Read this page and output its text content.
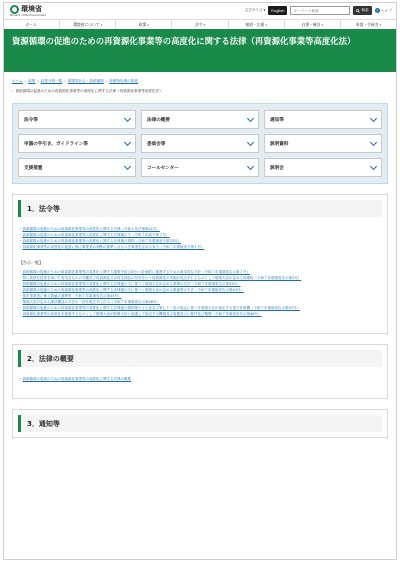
環境省
Ministry of the Environment
文字サイズ ▾	English
キーワード検索	検索	? ヘルプ
ホーム	環境省について ▾	政策 ▾	法令 ▾	報道・広報 ▾	白書・統計 ▾	申請・手続き ▾
資源循環の促進のための再資源化事業等の高度化に関する法律（再資源化事業等高度化法）
ホーム › 政策 › 政策分野一覧 › 循環型社会・資源循環 › 廃棄物処理の推進
› 資源循環の促進のための再資源化事業等の高度化に関する法律（再資源化事業等高度化法）
法令等	法律の概要	通知等
申請の手引き、ガイドライン等	委員会等	説明資料
支援措置	コールセンター	説明会
1．法令等
・ 資源循環の促進のための再資源化事業等の高度化に関する法律（令和６年法律第41号）
・ 資源循環の促進のための再資源化事業等の高度化に関する法律施行令（令和７年政令第２号）
・ 資源循環の促進のための再資源化事業等の高度化に関する法律施行規則（令和７年環境省令第33号）
・ 再資源化事業等の高度化の促進に係る事業者の判断の基準となるべき事項を定める省令（令和７年環境省令第１号）
【告示一覧】
・ 資源循環の促進のための再資源化事業等の高度化に関する施策を総合的かつ計画的に推進するための基本的な方針（令和７年環境省告示第２号）
・ 特に高度な技術を用いた有用なものの分離及び再資源化又は再生部品の回収を行う再資源化の実施が見込まれるものとして環境大臣が定める廃棄物（令和７年環境省告示第3号）
・ 資源循環の促進のための再資源化事業等の高度化に関する法律施行令に基づく環境大臣が定める基準の方法（令和７年環境省告示第43号）
・ 資源循環の促進のための再資源化事業等の高度化に関する法律施行令に基づく環境大臣の定める数値等の方法（令和７年環境省告示第44号）
・ 排出事業者に係る数値の基準等（令和７年環境省告示第45号）
・ 環境大臣が定める線状構造の方法の一部を改正する告示（令和７年環境省告示第46号）
・ 資源循環の促進のための再資源化事業等の高度化に関する法律施行規則第六十七条及び第七十一条の規定に基づき環境大臣が指定する電子計算機（令和７年環境省告示第47号）
・ 再資源化事業等の高度化を促進するものとして環境大臣が財務大臣と協議して指定する機械及び装置並びに要件及び期間（令和７年環境省告示第48号）
2．法律の概要
・ 資源循環の促進のための再資源化事業等の高度化に関する法律の概要
3．通知等
